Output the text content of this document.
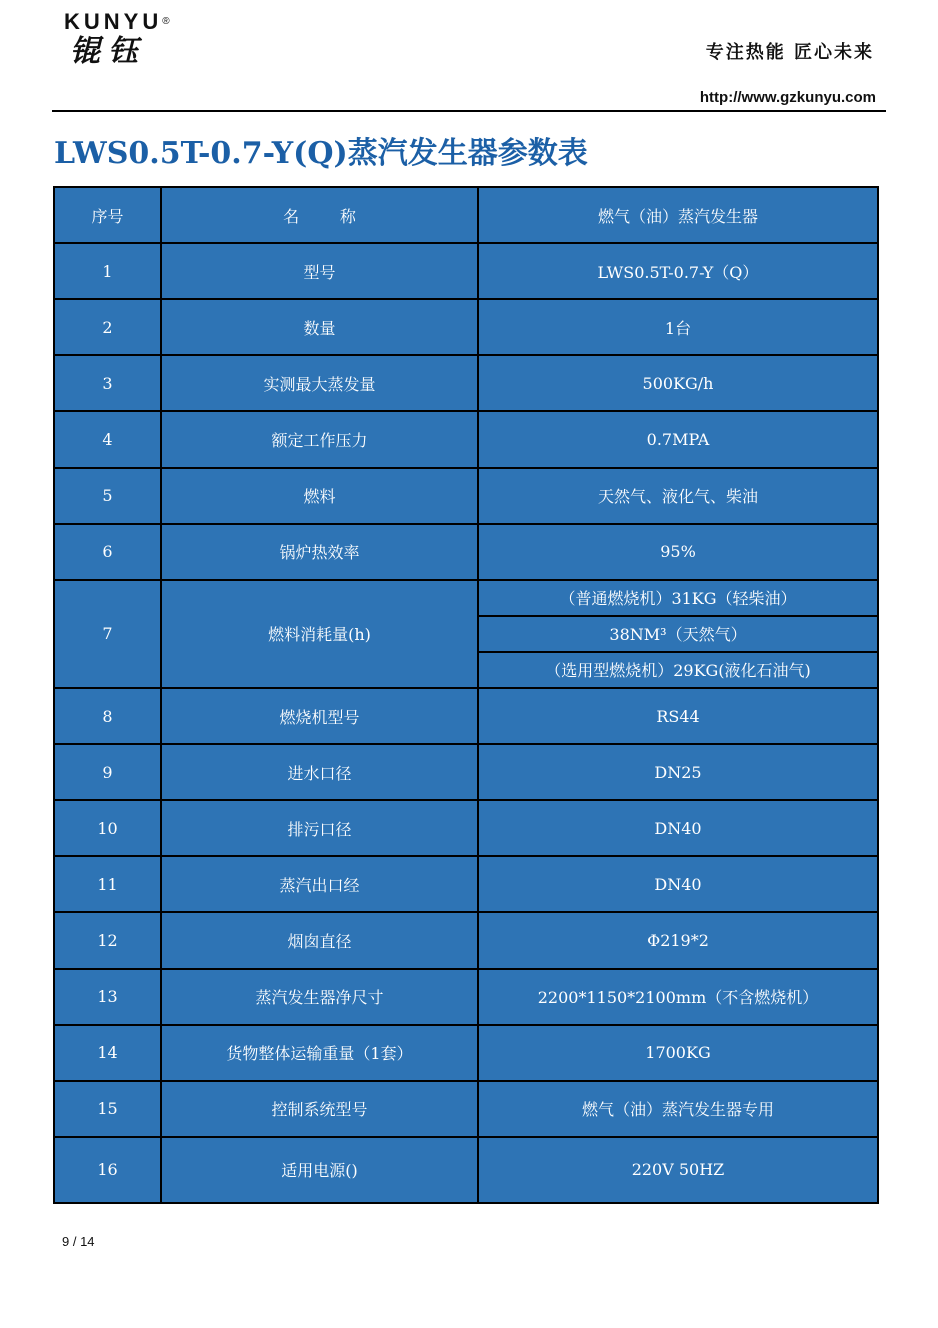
KUNYU®
锟钰	专注热能 匠心未来
http://www.gzkunyu.com
LWS0.5T-0.7-Y(Q)蒸汽发生器参数表
序号	名        称	燃气（油）蒸汽发生器
1	型号	LWS0.5T-0.7-Y（Q）
2	数量	1台
3	实测最大蒸发量	500KG/h
4	额定工作压力	0.7MPA
5	燃料	天然气、液化气、柴油
6	锅炉热效率	95%
7	燃料消耗量(h)	（普通燃烧机）31KG（轻柴油）
		38NM³（天然气）
		（选用型燃烧机）29KG(液化石油气)
8	燃烧机型号	RS44
9	进水口径	DN25
10	排污口径	DN40
11	蒸汽出口经	DN40
12	烟囱直径	Φ219*2
13	蒸汽发生器净尺寸	2200*1150*2100mm（不含燃烧机）
14	货物整体运输重量（1套）	1700KG
15	控制系统型号	燃气（油）蒸汽发生器专用
16	适用电源()	220V 50HZ
9 / 14
